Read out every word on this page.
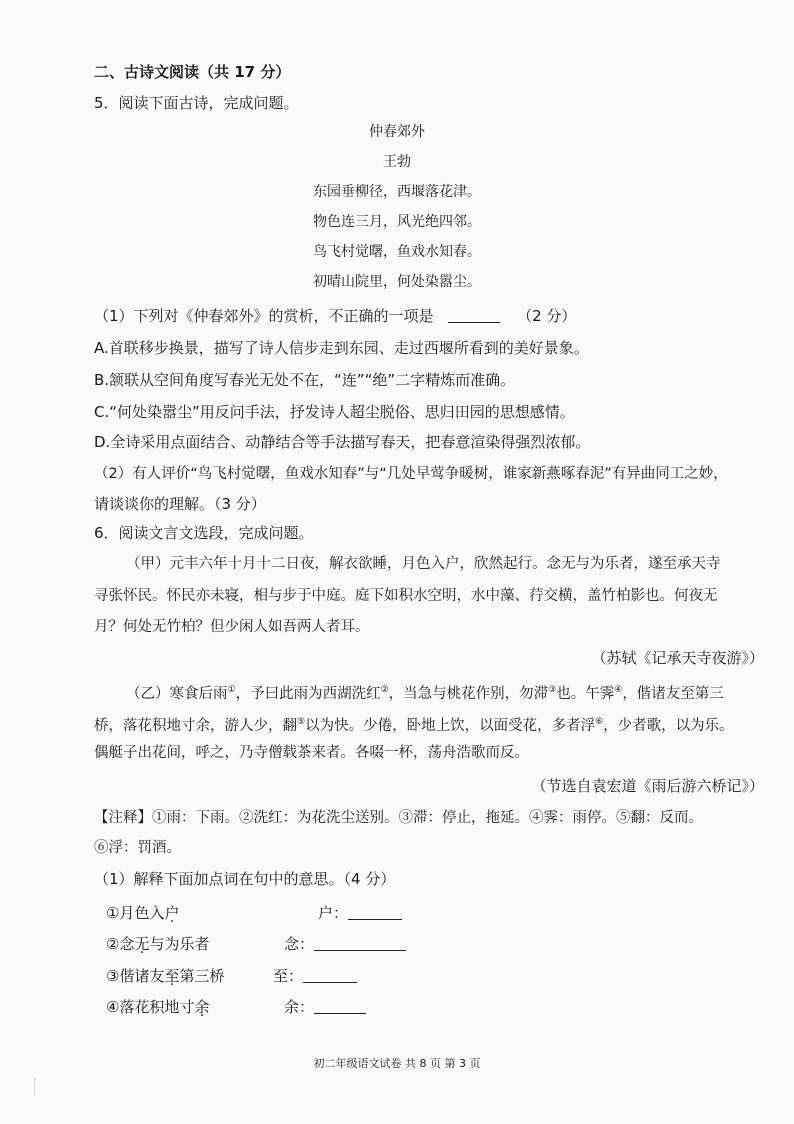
二、古诗文阅读（共 17 分）
5．阅读下面古诗，完成问题。
仲春郊外
王勃
东园垂柳径，西堰落花津。
物色连三月，风光绝四邻。
鸟飞村觉曙，鱼戏水知春。
初晴山院里，何处染嚣尘。
（1）下列对《仲春郊外》的赏析，不正确的一项是	（2 分）
A.首联移步换景，描写了诗人信步走到东园、走过西堰所看到的美好景象。
B.颔联从空间角度写春光无处不在，“连”“绝”二字精炼而准确。
C.“何处染嚣尘”用反问手法，抒发诗人超尘脱俗、思归田园的思想感情。
D.全诗采用点面结合、动静结合等手法描写春天，把春意渲染得强烈浓郁。
（2）有人评价“鸟飞村觉曙，鱼戏水知春”与“几处早莺争暖树，谁家新燕啄春泥”有异曲同工之妙，
请谈谈你的理解。（3 分）
6．阅读文言文选段，完成问题。
（甲）元丰六年十月十二日夜，解衣欲睡，月色入户，欣然起行。念无与为乐者，遂至承天寺
寻张怀民。怀民亦未寝，相与步于中庭。庭下如积水空明，水中藻、荇交横，盖竹柏影也。何夜无
月？何处无竹柏？但少闲人如吾两人者耳。
（苏轼《记承天寺夜游》）
（乙）寒食后雨①，予曰此雨为西湖洗红②，当急与桃花作别，勿滞③也。午霁④，偕诸友至第三
桥，落花积地寸余，游人少，翻⑤以为快。少倦，卧地上饮，以面受花，多者浮⑥，少者歌，以为乐。
偶艇子出花间，呼之，乃寺僧载茶来者。各啜一杯，荡舟浩歌而反。
（节选自袁宏道《雨后游六桥记》）
【注释】①雨：下雨。②洗红：为花洗尘送别。③滞：停止，拖延。④霁：雨停。⑤翻：反而。
⑥浮：罚酒。
（1）解释下面加点词在句中的意思。（4 分）
①月色入户	户：
②念无与为乐者	念：
③偕诸友至第三桥	至：
④落花积地寸余	余：
初二年级语文试卷 共 8 页 第 3 页
